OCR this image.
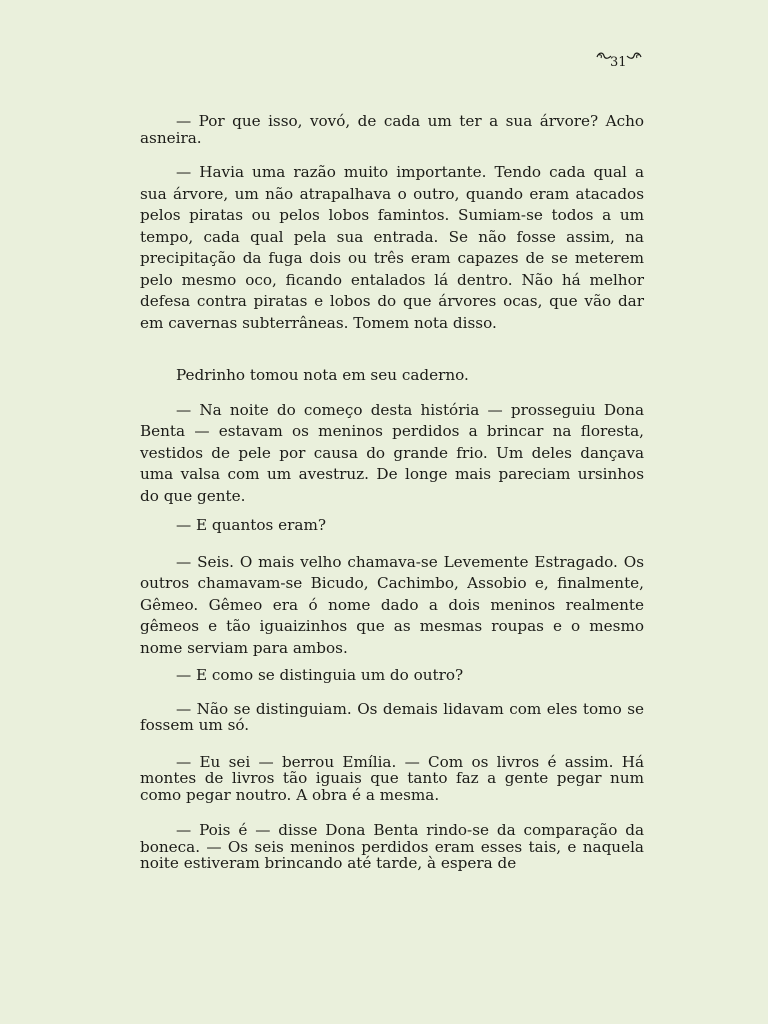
31

— Por que isso, vovó, de cada um ter a sua árvore? Acho asneira.

— Havia uma razão muito importante. Tendo cada qual a sua árvore, um não atrapalhava o outro, quando eram atacados pelos piratas ou pelos lobos famintos. Sumiam-se todos a um tempo, cada qual pela sua entrada. Se não fosse assim, na precipitação da fuga dois ou três eram capazes de se meterem pelo mesmo oco, ficando entalados lá dentro. Não há melhor defesa contra piratas e lobos do que árvores ocas, que vão dar em cavernas subterrâneas. Tomem nota disso.

Pedrinho tomou nota em seu caderno.

— Na noite do começo desta história — prosseguiu Dona Benta — estavam os meninos perdidos a brincar na floresta, vestidos de pele por causa do grande frio. Um deles dançava uma valsa com um avestruz. De longe mais pareciam ursinhos do que gente.

— E quantos eram?

— Seis. O mais velho chamava-se Levemente Estragado. Os outros chamavam-se Bicudo, Cachimbo, Assobio e, finalmente, Gêmeo. Gêmeo era ó nome dado a dois meninos realmente gêmeos e tão iguaizinhos que as mesmas roupas e o mesmo nome serviam para ambos.

— E como se distinguia um do outro?

— Não se distinguiam. Os demais lidavam com eles tomo se fossem um só.

— Eu sei — berrou Emília. — Com os livros é assim. Há montes de livros tão iguais que tanto faz a gente pegar num como pegar noutro. A obra é a mesma.

— Pois é — disse Dona Benta rindo-se da comparação da boneca. — Os seis meninos perdidos eram esses tais, e naquela noite estiveram brincando até tarde, à espera de
